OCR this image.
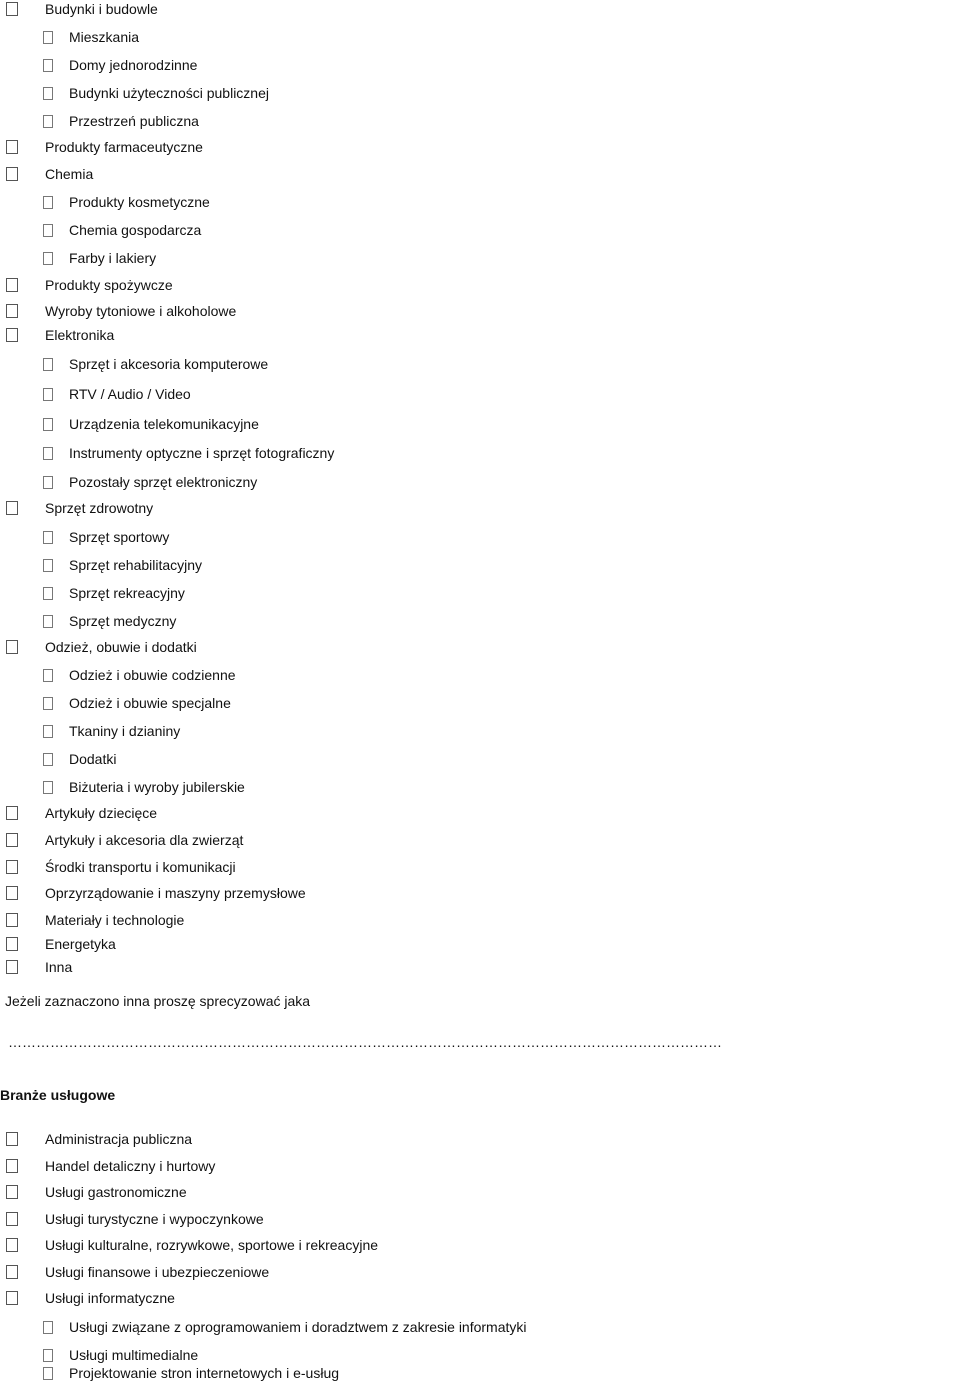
Budynki i budowle
Mieszkania
Domy jednorodzinne
Budynki użyteczności publicznej
Przestrzeń publiczna
Produkty farmaceutyczne
Chemia
Produkty kosmetyczne
Chemia gospodarcza
Farby i lakiery
Produkty spożywcze
Wyroby tytoniowe i alkoholowe
Elektronika
Sprzęt i akcesoria komputerowe
RTV / Audio / Video
Urządzenia telekomunikacyjne
Instrumenty optyczne i sprzęt fotograficzny
Pozostały sprzęt elektroniczny
Sprzęt zdrowotny
Sprzęt sportowy
Sprzęt rehabilitacyjny
Sprzęt rekreacyjny
Sprzęt medyczny
Odzież, obuwie i dodatki
Odzież i obuwie codzienne
Odzież i obuwie specjalne
Tkaniny i dzianiny
Dodatki
Biżuteria i wyroby jubilerskie
Artykuły dziecięce
Artykuły i akcesoria dla zwierząt
Środki transportu i komunikacji
Oprzyrządowanie i maszyny przemysłowe
Materiały i technologie
Energetyka
Inna
Jeżeli zaznaczono inna proszę sprecyzować jaka
………………………………………………………………………………………………………………………………………
Branże usługowe
Administracja publiczna
Handel detaliczny i hurtowy
Usługi gastronomiczne
Usługi turystyczne i wypoczynkowe
Usługi kulturalne, rozrywkowe, sportowe i rekreacyjne
Usługi finansowe i ubezpieczeniowe
Usługi informatyczne
Usługi związane z oprogramowaniem i doradztwem z zakresie informatyki
Usługi multimedialne
Projektowanie stron internetowych i e-usług
